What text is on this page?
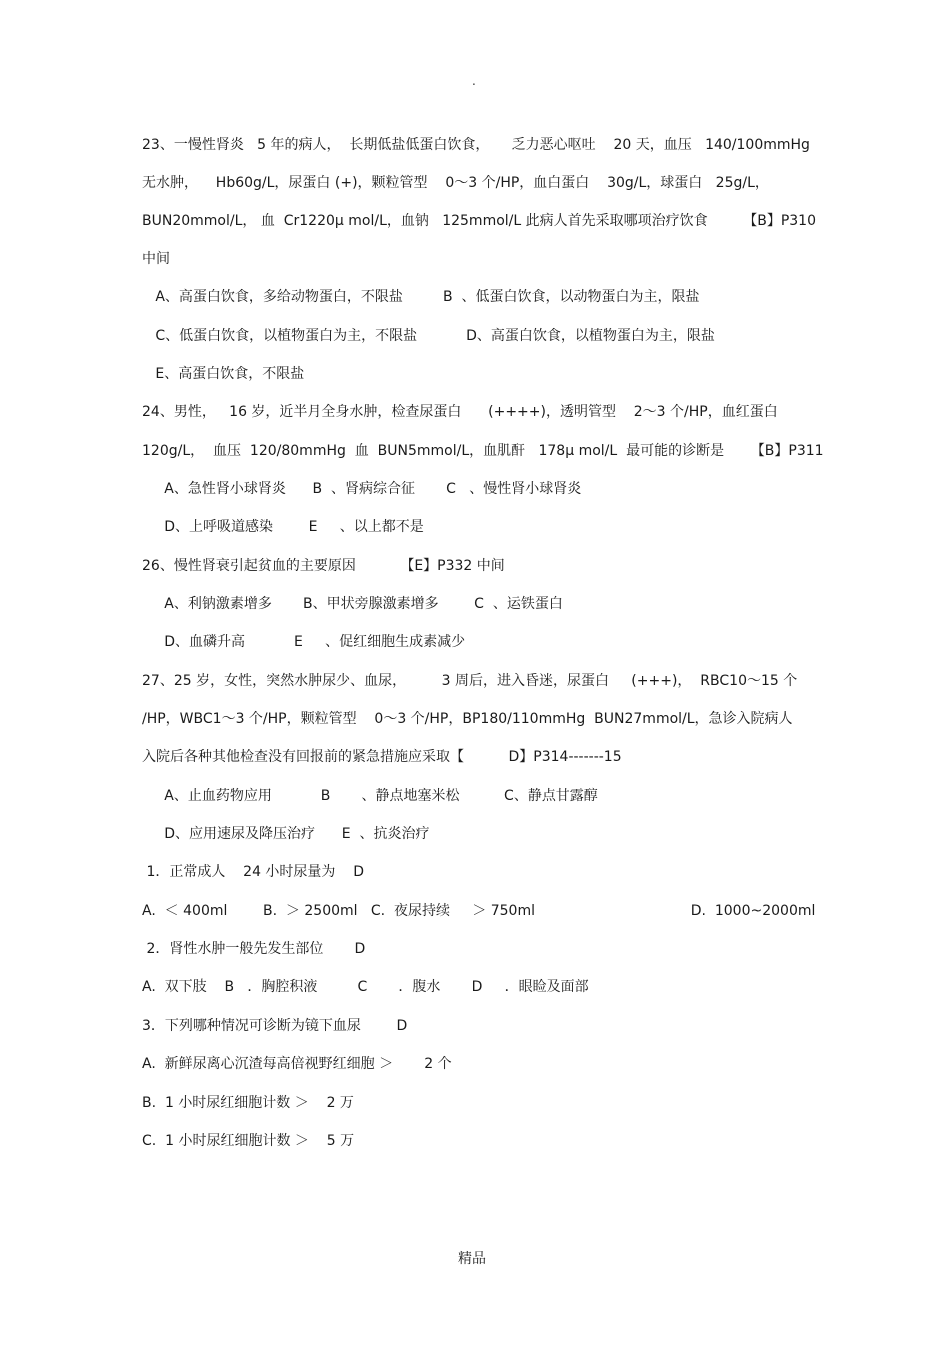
.
23、一慢性肾炎   5 年的病人，  长期低盐低蛋白饮食，     乏力恶心呕吐    20 天，血压   140/100mmHg
无水肿，    Hb60g/L，尿蛋白 (+)，颗粒管型    0～3 个/HP，血白蛋白    30g/L，球蛋白   25g/L，
BUN20mmol/L， 血  Cr1220μ mol/L，血钠   125mmol/L 此病人首先采取哪项治疗饮食        【B】P310
中间
A、高蛋白饮食，多给动物蛋白，不限盐         B  、低蛋白饮食，以动物蛋白为主，限盐
C、低蛋白饮食，以植物蛋白为主，不限盐           D、高蛋白饮食，以植物蛋白为主，限盐
E、高蛋白饮食，不限盐
24、男性，   16 岁，近半月全身水肿，检查尿蛋白      (++++)，透明管型    2～3 个/HP，血红蛋白
120g/L，  血压  120/80mmHg  血  BUN5mmol/L，血肌酐   178μ mol/L  最可能的诊断是      【B】P311
A、急性肾小球肾炎      B  、肾病综合征       C   、慢性肾小球肾炎
D、上呼吸道感染        E     、以上都不是
26、慢性肾衰引起贫血的主要原因          【E】P332 中间
A、利钠激素增多       B、甲状旁腺激素增多        C  、运铁蛋白
D、血磷升高           E     、促红细胞生成素减少
27、25 岁，女性，突然水肿尿少、血尿，        3 周后，进入昏迷，尿蛋白     (+++)，  RBC10～15 个
/HP，WBC1～3 个/HP，颗粒管型    0～3 个/HP，BP180/110mmHg  BUN27mmol/L，急诊入院病人
入院后各种其他检查没有回报前的紧急措施应采取【          D】P314-------15
A、止血药物应用           B       、静点地塞米松          C、静点甘露醇
D、应用速尿及降压治疗      E  、抗炎治疗
1．正常成人    24 小时尿量为    D
A.  ＜ 400ml        B.  ＞ 2500ml   C.  夜尿持续     ＞ 750ml                                   D.  1000~2000ml
2．肾性水肿一般先发生部位       D
A.  双下肢    B   ．胸腔积液         C       ．腹水       D     ．眼睑及面部
3．下列哪种情况可诊断为镜下血尿        D
A.  新鲜尿离心沉渣每高倍视野红细胞 ＞       2 个
B.  1 小时尿红细胞计数 ＞    2 万
C.  1 小时尿红细胞计数 ＞    5 万
精品
